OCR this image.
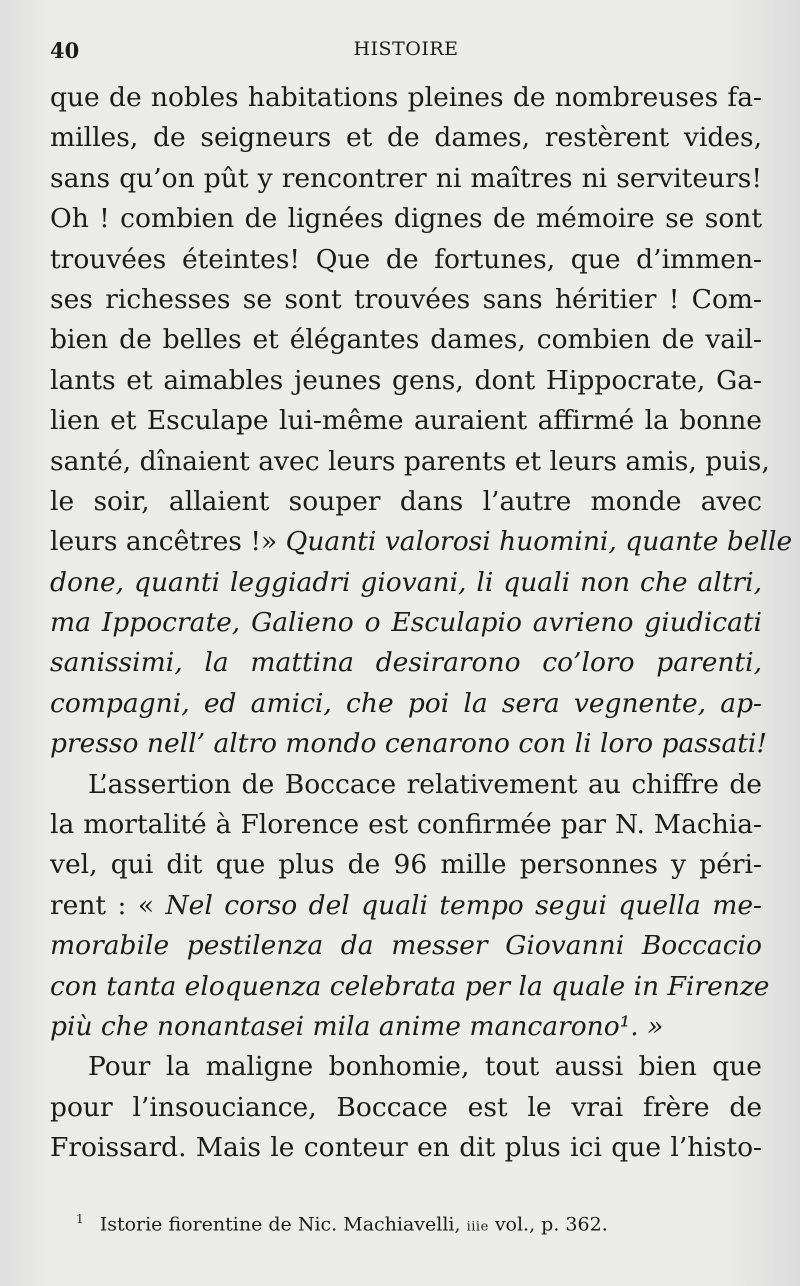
40	HISTOIRE
que de nobles habitations pleines de nombreuses fa-
milles, de seigneurs et de dames, restèrent vides,
sans qu’on pût y rencontrer ni maîtres ni serviteurs!
Oh ! combien de lignées dignes de mémoire se sont
trouvées éteintes! Que de fortunes, que d’immen-
ses richesses se sont trouvées sans héritier ! Com-
bien de belles et élégantes dames, combien de vail-
lants et aimables jeunes gens, dont Hippocrate, Ga-
lien et Esculape lui-même auraient affirmé la bonne
santé, dînaient avec leurs parents et leurs amis, puis,
le soir, allaient souper dans l’autre monde avec
leurs ancêtres !» Quanti valorosi huomini, quante belle
done, quanti leggiadri giovani, li quali non che altri,
ma Ippocrate, Galieno o Esculapio avrieno giudicati
sanissimi, la mattina desirarono co’loro parenti,
compagni, ed amici, che poi la sera vegnente, ap-
presso nell’ altro mondo cenarono con li loro passati!
L’assertion de Boccace relativement au chiffre de
la mortalité à Florence est confirmée par N. Machia-
vel, qui dit que plus de 96 mille personnes y péri-
rent : « Nel corso del quali tempo segui quella me-
morabile pestilenza da messer Giovanni Boccacio
con tanta eloquenza celebrata per la quale in Firenze
più che nonantasei mila anime mancarono¹. »
Pour la maligne bonhomie, tout aussi bien que
pour l’insouciance, Boccace est le vrai frère de
Froissard. Mais le conteur en dit plus ici que l’histo-
$^1$ Istorie fiorentine de Nic. Machiavelli, iiie vol., p. 362.
